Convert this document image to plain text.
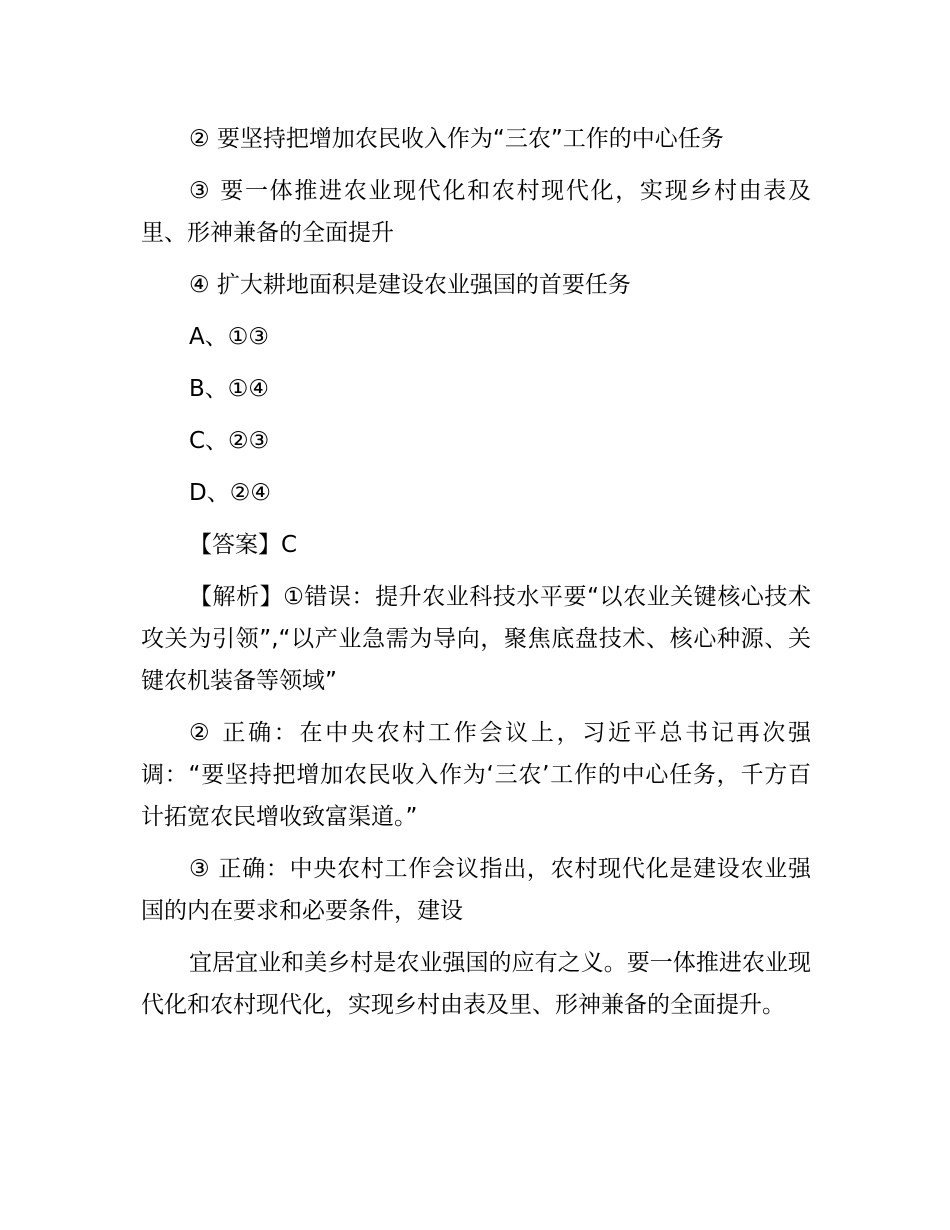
② 要坚持把增加农民收入作为“三农”工作的中心任务

③ 要一体推进农业现代化和农村现代化，实现乡村由表及里、形神兼备的全面提升

④ 扩大耕地面积是建设农业强国的首要任务

A、①③

B、①④

C、②③

D、②④

【答案】C

【解析】①错误：提升农业科技水平要“以农业关键核心技术攻关为引领”,“以产业急需为导向，聚焦底盘技术、核心种源、关键农机装备等领域”

② 正确：在中央农村工作会议上，习近平总书记再次强调：“要坚持把增加农民收入作为‘三农’工作的中心任务，千方百计拓宽农民增收致富渠道。”

③ 正确：中央农村工作会议指出，农村现代化是建设农业强国的内在要求和必要条件，建设

宜居宜业和美乡村是农业强国的应有之义。要一体推进农业现代化和农村现代化，实现乡村由表及里、形神兼备的全面提升。
